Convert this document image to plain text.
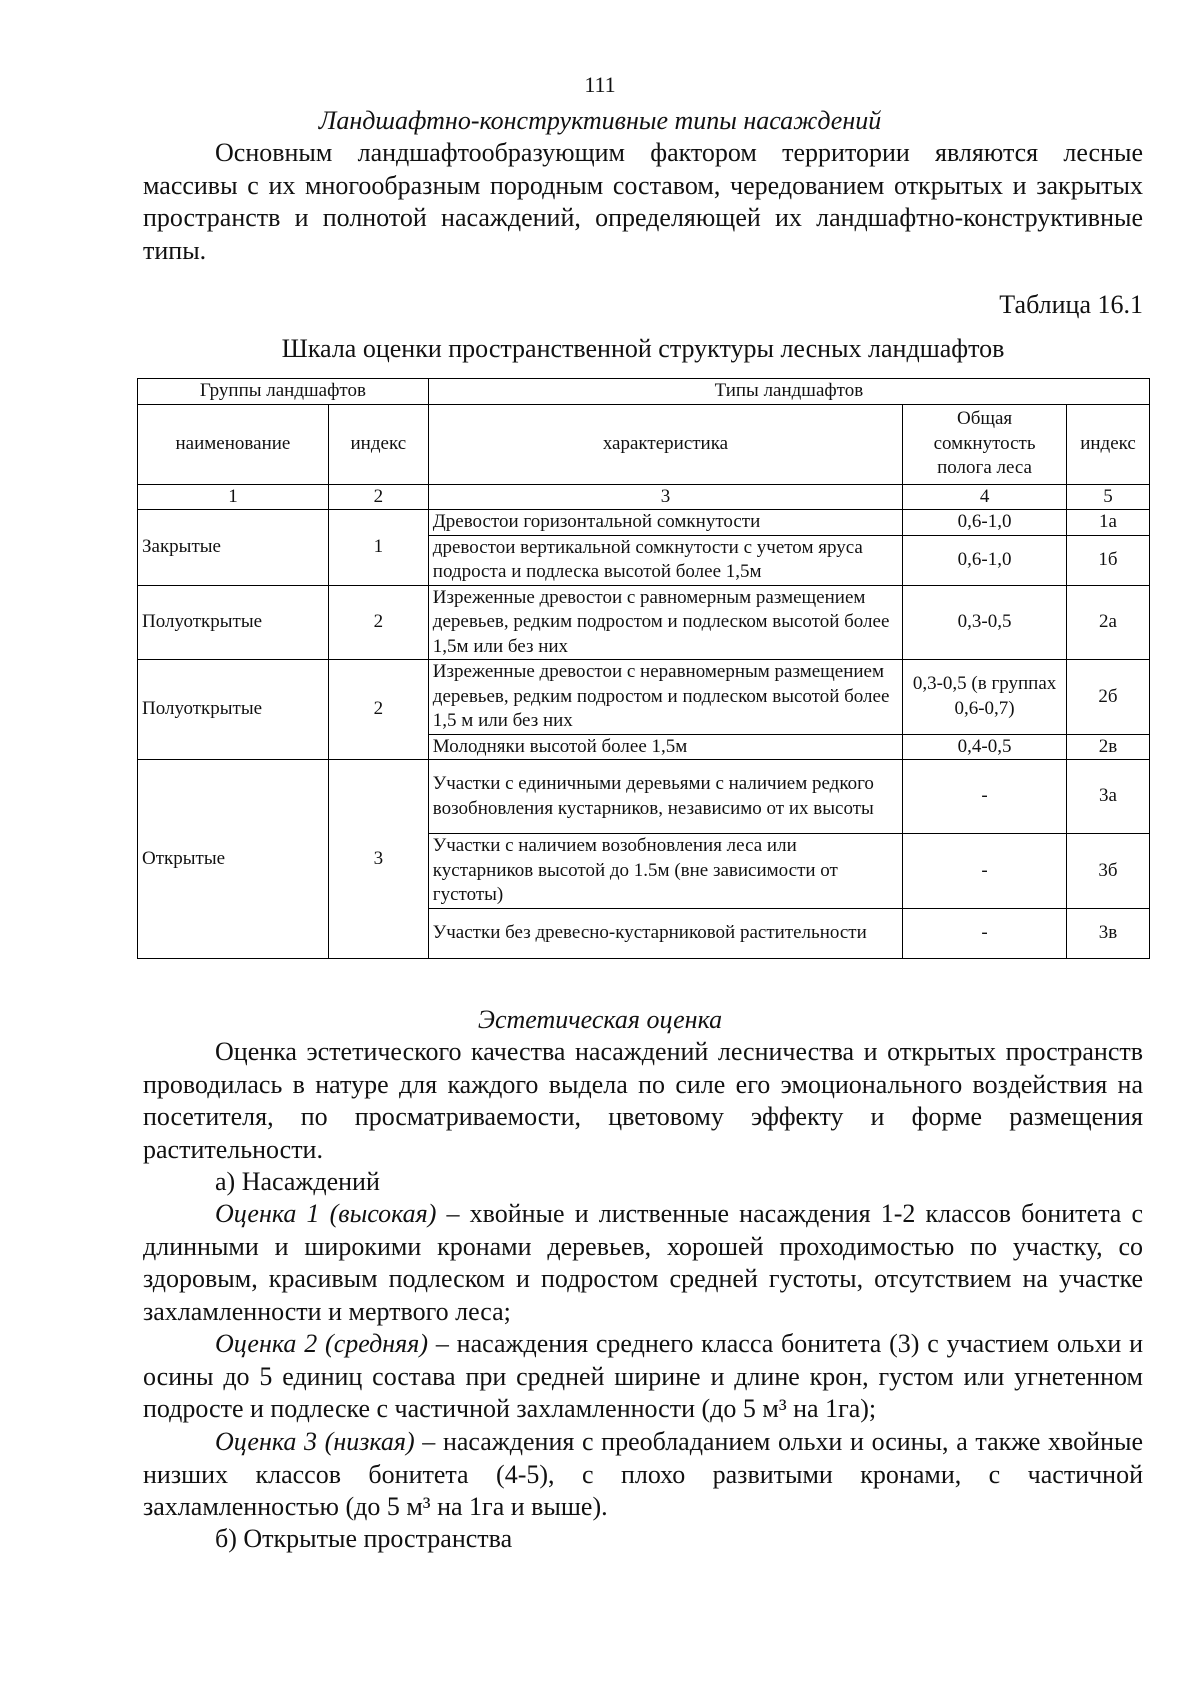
111
Ландшафтно-конструктивные типы насаждений

Основным ландшафтообразующим фактором территории являются лесные массивы с их многообразным породным составом, чередованием открытых и закрытых пространств и полнотой насаждений, определяющей их ландшафтно-конструктивные типы.

Таблица 16.1
Шкала оценки пространственной структуры лесных ландшафтов
Группы ландшафтов		Типы ландшафтов		
наименование	индекс	характеристика	Общая сомкнутость полога леса	индекс
1	2	3	4	5
Закрытые	1	Древостои горизонтальной сомкнутости	0,6-1,0	1а
		древостои вертикальной сомкнутости с учетом яруса подроста и подлеска высотой более 1,5м	0,6-1,0	1б
Полуоткрытые	2	Изреженные древостои с равномерным размещением деревьев, редким подростом и подлеском высотой более 1,5м или без них	0,3-0,5	2а
Полуоткрытые	2	Изреженные древостои с неравномерным размещением деревьев, редким подростом и подлеском высотой более 1,5 м или без них	0,3-0,5 (в группах 0,6-0,7)	2б
		Молодняки высотой более 1,5м	0,4-0,5	2в
Открытые	3	Участки с единичными деревьями с наличием редкого возобновления кустарников, независимо от их высоты	-	3а
		Участки с наличием возобновления леса или кустарников высотой до 1.5м (вне зависимости от густоты)	-	3б
		Участки без древесно-кустарниковой растительности	-	3в
Эстетическая оценка

Оценка эстетического качества насаждений лесничества и открытых пространств проводилась в натуре для каждого выдела по силе его эмоционального воздействия на посетителя, по просматриваемости, цветовому эффекту и форме размещения растительности.

а) Насаждений

Оценка 1 (высокая) – хвойные и лиственные насаждения 1-2 классов бонитета с длинными и широкими кронами деревьев, хорошей проходимостью по участку, со здоровым, красивым подлеском и подростом средней густоты, отсутствием на участке захламленности и мертвого леса;

Оценка 2 (средняя) – насаждения среднего класса бонитета (3) с участием ольхи и осины до 5 единиц состава при средней ширине и длине крон, густом или угнетенном подросте и подлеске с частичной захламленности (до 5 м³ на 1га);

Оценка 3 (низкая) – насаждения с преобладанием ольхи и осины, а также хвойные низших классов бонитета (4-5), с плохо развитыми кронами, с частичной захламленностью (до 5 м³ на 1га и выше).

б) Открытые пространства
